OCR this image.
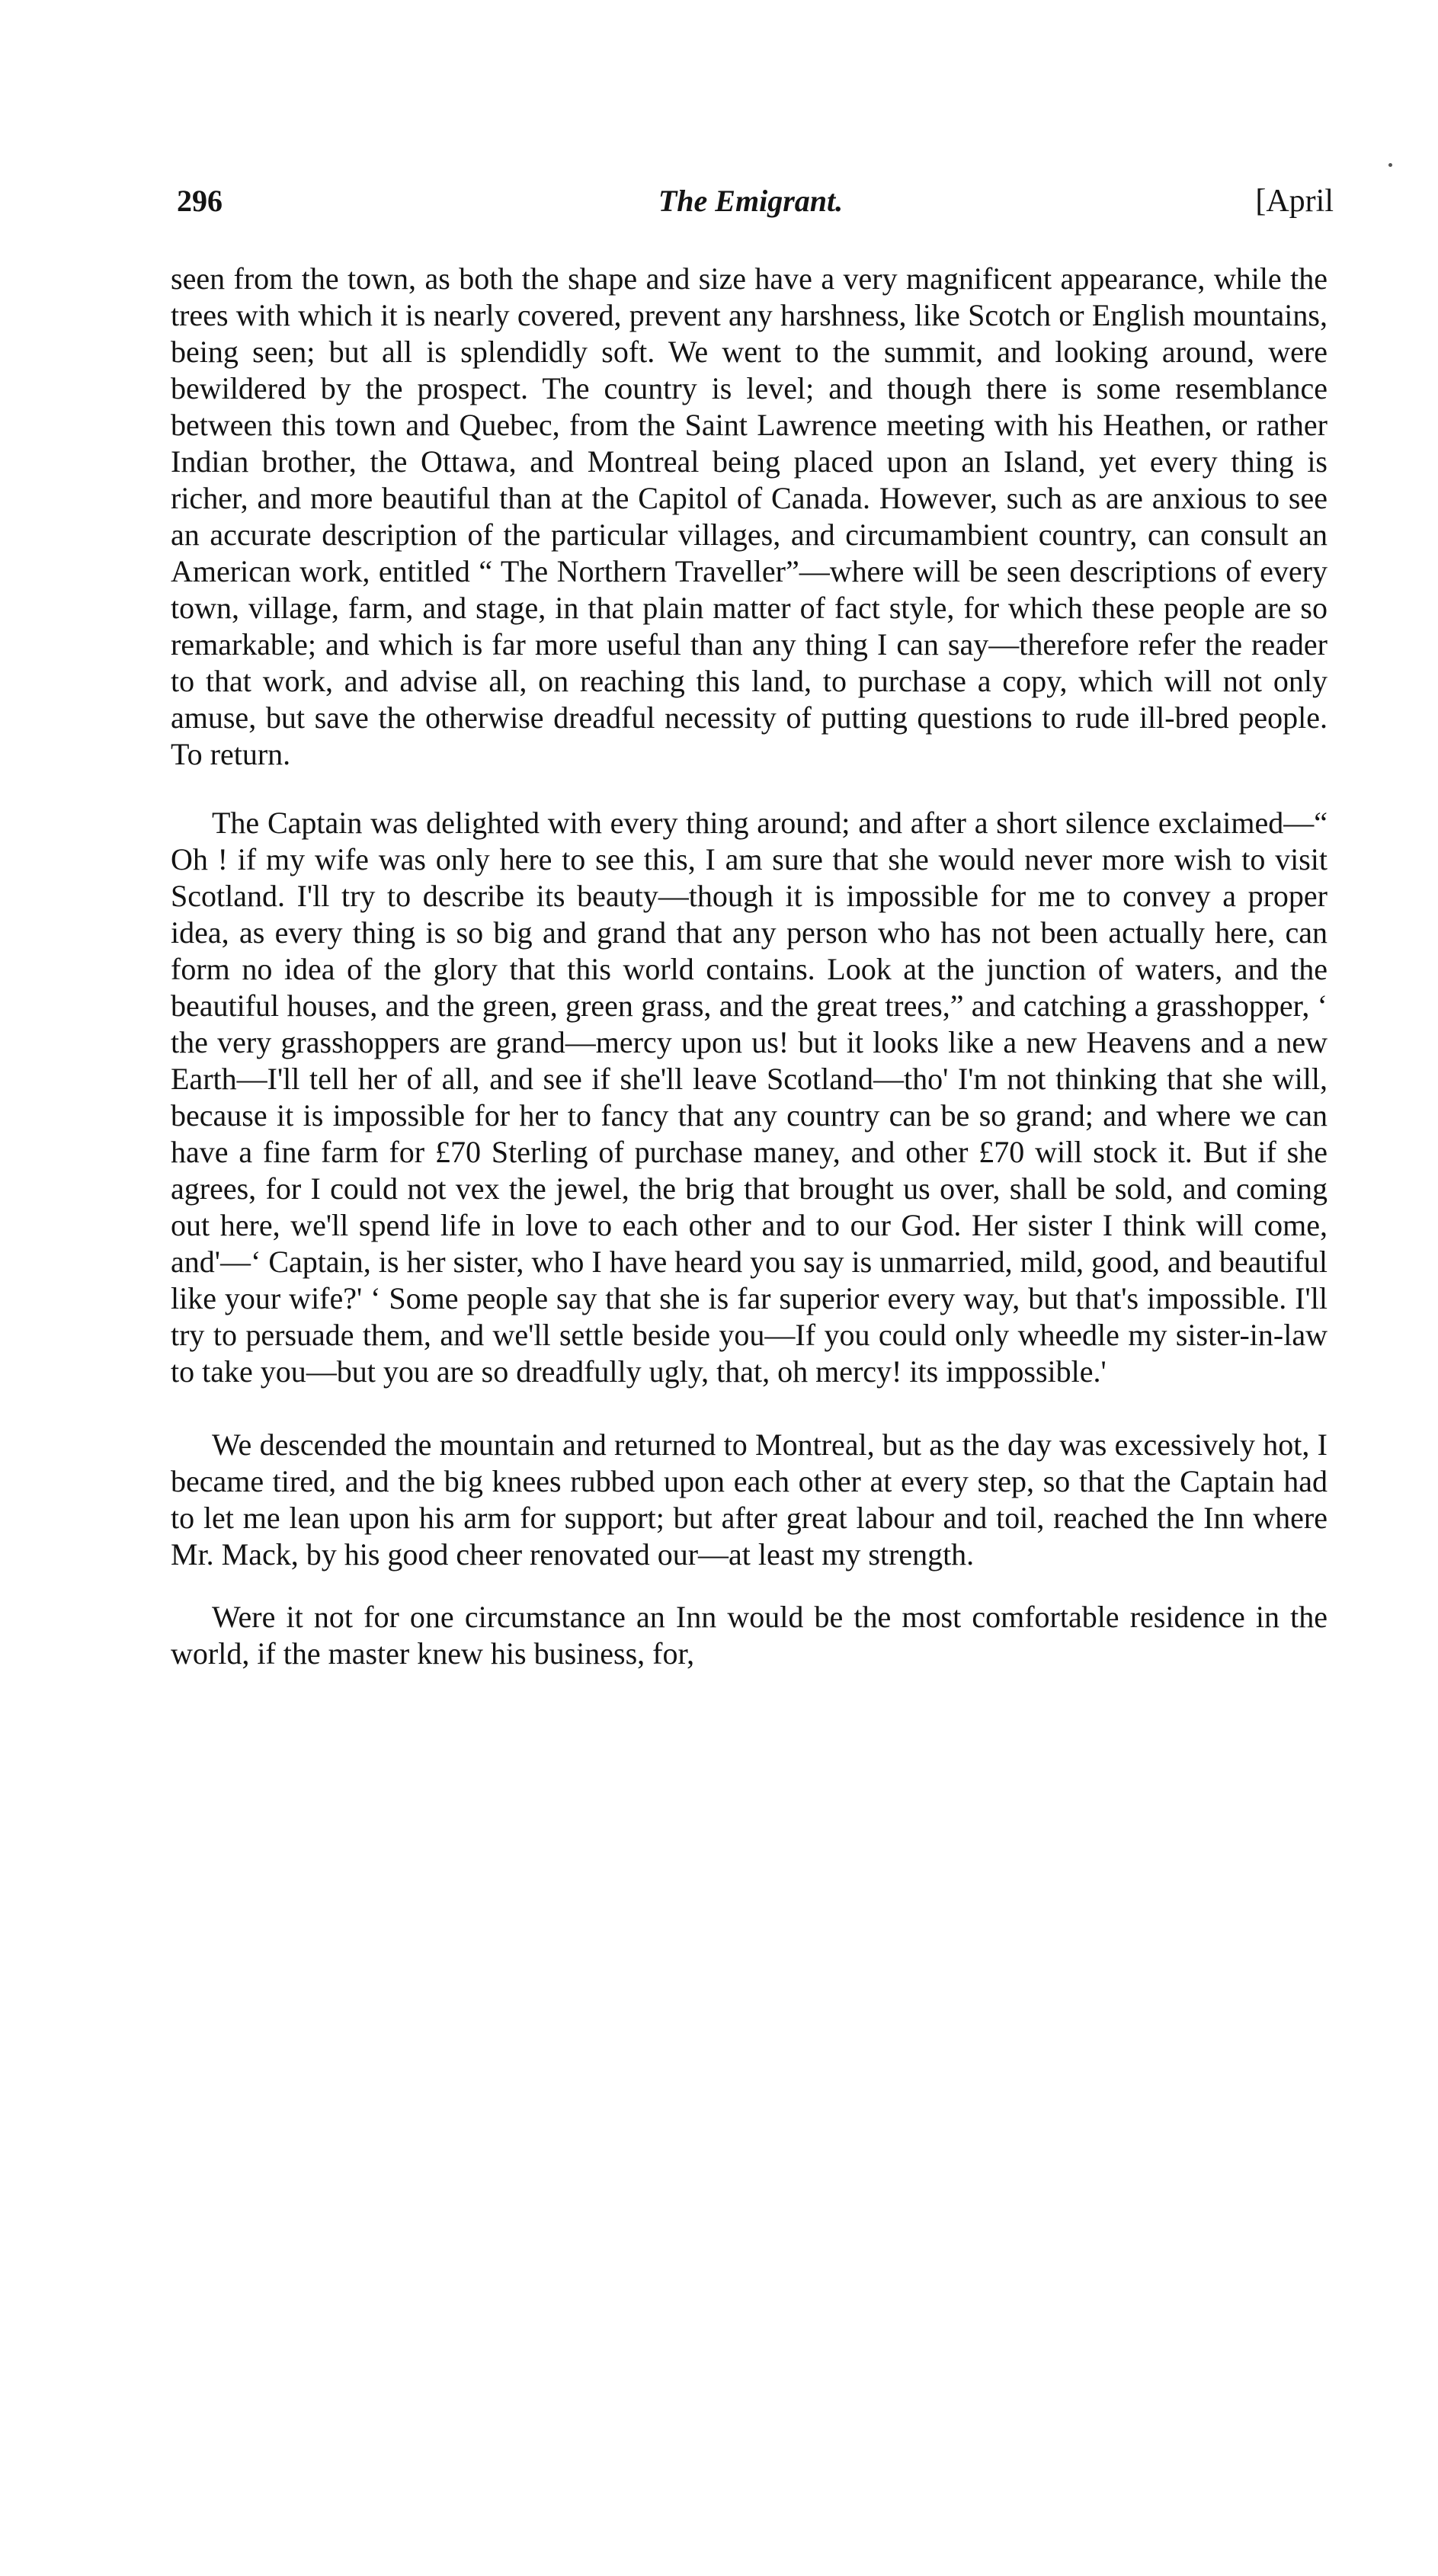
296	The Emigrant.	[April

seen from the town, as both the shape and size have a very magnificent appearance, while the trees with which it is nearly covered, prevent any harshness, like Scotch or English mountains, being seen; but all is splendidly soft. We went to the summit, and looking around, were bewildered by the prospect. The country is level; and though there is some resemblance between this town and Quebec, from the Saint Lawrence meeting with his Heathen, or rather Indian brother, the Ottawa, and Montreal being placed upon an Island, yet every thing is richer, and more beautiful than at the Capitol of Canada. However, such as are anxious to see an accurate description of the particular villages, and circumambient country, can consult an American work, entitled “ The Northern Traveller”—where will be seen descriptions of every town, village, farm, and stage, in that plain matter of fact style, for which these people are so remarkable; and which is far more useful than any thing I can say—therefore refer the reader to that work, and advise all, on reaching this land, to purchase a copy, which will not only amuse, but save the otherwise dreadful necessity of putting questions to rude ill-bred people. To return.

The Captain was delighted with every thing around; and after a short silence exclaimed—“ Oh ! if my wife was only here to see this, I am sure that she would never more wish to visit Scotland. I'll try to describe its beauty—though it is impossible for me to convey a proper idea, as every thing is so big and grand that any person who has not been actually here, can form no idea of the glory that this world contains. Look at the junction of waters, and the beautiful houses, and the green, green grass, and the great trees,” and catching a grasshopper, ‘ the very grasshoppers are grand—mercy upon us! but it looks like a new Heavens and a new Earth—I'll tell her of all, and see if she'll leave Scotland—tho' I'm not thinking that she will, because it is impossible for her to fancy that any country can be so grand; and where we can have a fine farm for £70 Sterling of purchase maney, and other £70 will stock it. But if she agrees, for I could not vex the jewel, the brig that brought us over, shall be sold, and coming out here, we'll spend life in love to each other and to our God. Her sister I think will come, and'—‘ Captain, is her sister, who I have heard you say is unmarried, mild, good, and beautiful like your wife?' ‘ Some people say that she is far superior every way, but that's impossible. I'll try to persuade them, and we'll settle beside you—If you could only wheedle my sister-in-law to take you—but you are so dreadfully ugly, that, oh mercy! its imppossible.'

We descended the mountain and returned to Montreal, but as the day was excessively hot, I became tired, and the big knees rubbed upon each other at every step, so that the Captain had to let me lean upon his arm for support; but after great labour and toil, reached the Inn where Mr. Mack, by his good cheer renovated our—at least my strength.

Were it not for one circumstance an Inn would be the most comfortable residence in the world, if the master knew his business, for,
